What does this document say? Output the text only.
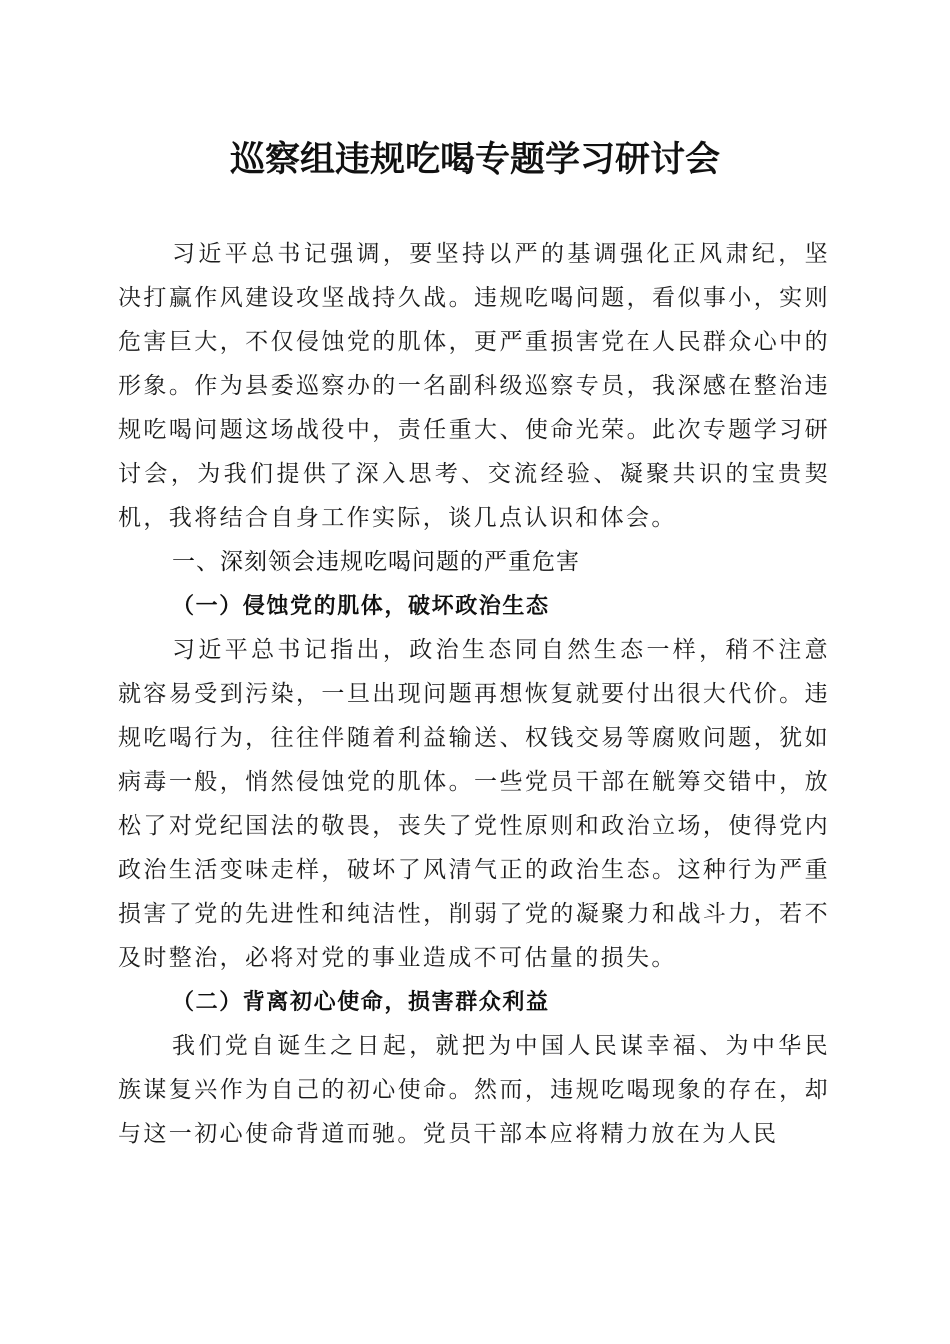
巡察组违规吃喝专题学习研讨会

习近平总书记强调，要坚持以严的基调强化正风肃纪，坚决打赢作风建设攻坚战持久战。违规吃喝问题，看似事小，实则危害巨大，不仅侵蚀党的肌体，更严重损害党在人民群众心中的形象。作为县委巡察办的一名副科级巡察专员，我深感在整治违规吃喝问题这场战役中，责任重大、使命光荣。此次专题学习研讨会，为我们提供了深入思考、交流经验、凝聚共识的宝贵契机，我将结合自身工作实际，谈几点认识和体会。

一、深刻领会违规吃喝问题的严重危害

（一）侵蚀党的肌体，破坏政治生态

习近平总书记指出，政治生态同自然生态一样，稍不注意就容易受到污染，一旦出现问题再想恢复就要付出很大代价。违规吃喝行为，往往伴随着利益输送、权钱交易等腐败问题，犹如病毒一般，悄然侵蚀党的肌体。一些党员干部在觥筹交错中，放松了对党纪国法的敬畏，丧失了党性原则和政治立场，使得党内政治生活变味走样，破坏了风清气正的政治生态。这种行为严重损害了党的先进性和纯洁性，削弱了党的凝聚力和战斗力，若不及时整治，必将对党的事业造成不可估量的损失。

（二）背离初心使命，损害群众利益

我们党自诞生之日起，就把为中国人民谋幸福、为中华民族谋复兴作为自己的初心使命。然而，违规吃喝现象的存在，却与这一初心使命背道而驰。党员干部本应将精力放在为人民
